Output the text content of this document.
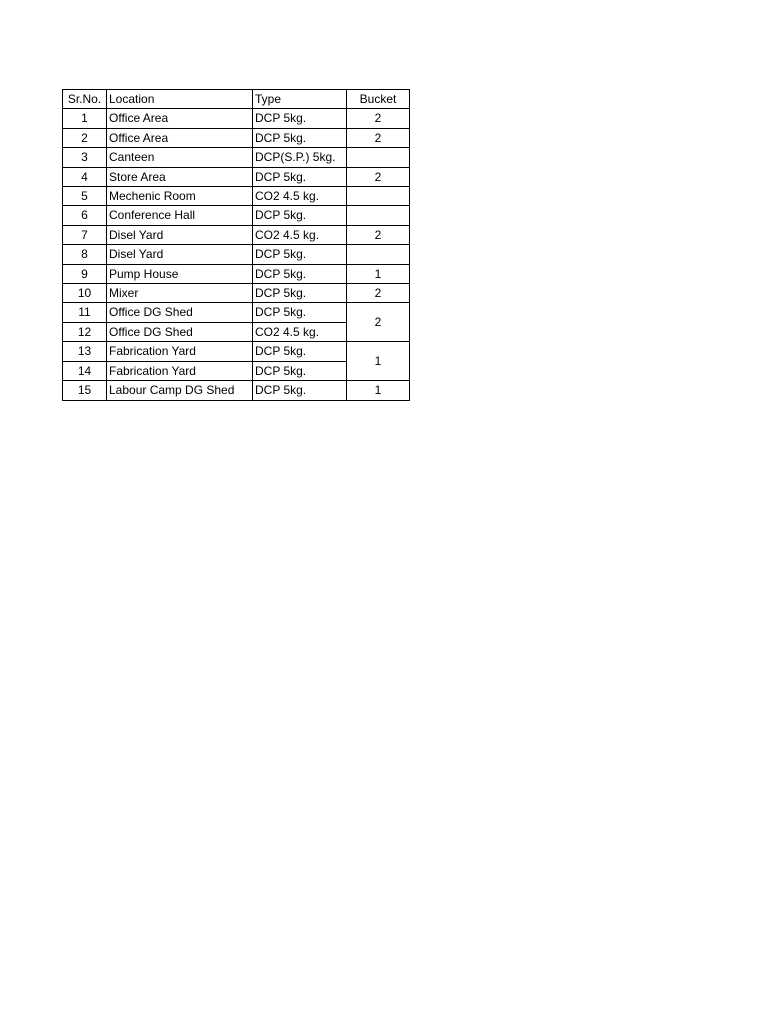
Sr.No.	Location	Type	Bucket
1	Office Area	DCP 5kg.	2
2	Office Area	DCP 5kg.	2
3	Canteen	DCP(S.P.) 5kg.	
4	Store Area	DCP 5kg.	2
5	Mechenic Room	CO2 4.5 kg.	
6	Conference Hall	DCP 5kg.	
7	Disel Yard	CO2 4.5 kg.	2
8	Disel Yard	DCP 5kg.	
9	Pump House	DCP 5kg.	1
10	Mixer	DCP 5kg.	2
11	Office DG Shed	DCP 5kg.	2
12	Office DG Shed	CO2 4.5 kg.	
13	Fabrication Yard	DCP 5kg.	1
14	Fabrication Yard	DCP 5kg.	
15	Labour Camp DG Shed	DCP 5kg.	1
